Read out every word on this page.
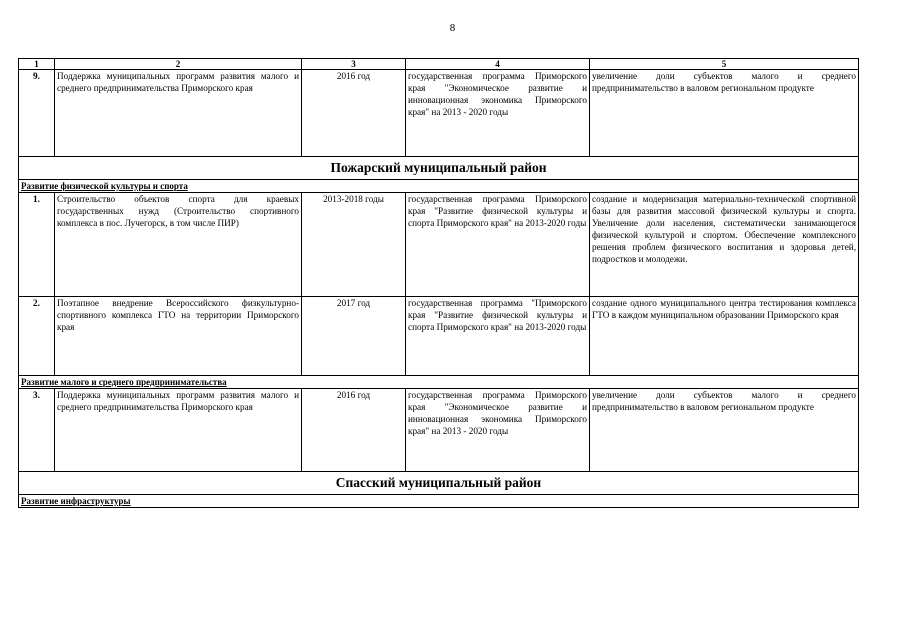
8
1	2	3	4	5
9.	Поддержка муниципальных программ развития малого и среднего предпринимательства Приморского края	2016 год	государственная программа Приморского края "Экономическое развитие и инновационная экономика Приморского края" на 2013 - 2020 годы	увеличение доли субъектов малого и среднего предпринимательство в валовом региональном продукте
Пожарский муниципальный район				
Развитие физической культуры и спорта				
1.	Строительство объектов спорта для краевых государственных нужд (Строительство спортивного комплекса в пос. Лучегорск, в том числе ПИР)	2013-2018 годы	государственная программа Приморского края "Развитие физической культуры и спорта Приморского края" на 2013-2020 годы	создание и модернизация материально-технической спортивной базы для развития массовой физической культуры и спорта. Увеличение доли населения, систематически занимающегося физической культурой и спортом. Обеспечение комплексного решения проблем физического воспитания и здоровья детей, подростков и молодежи.
2.	Поэтапное внедрение Всероссийского физкультурно-спортивного комплекса ГТО на территории Приморского края	2017 год	государственная программа "Приморского края "Развитие физической культуры и спорта Приморского края" на 2013-2020 годы	создание одного муниципального центра тестирования комплекса ГТО в каждом муниципальном образовании Приморского края
Развитие малого и среднего предпринимательства				
3.	Поддержка муниципальных программ развития малого и среднего предпринимательства Приморского края	2016 год	государственная программа Приморского края "Экономическое развитие и инновационная экономика Приморского края" на 2013 - 2020 годы	увеличение доли субъектов малого и среднего предпринимательство в валовом региональном продукте
Спасский муниципальный район				
Развитие инфраструктуры				
